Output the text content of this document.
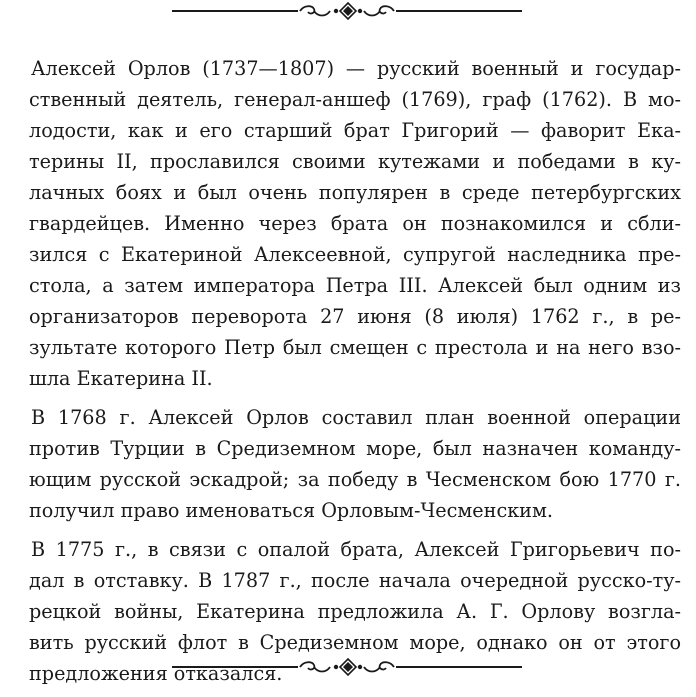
Алексей Орлов (1737—1807) — русский военный и государ-
ственный деятель, генерал-аншеф (1769), граф (1762). В мо-
лодости, как и его старший брат Григорий — фаворит Ека-
терины II, прославился своими кутежами и победами в ку-
лачных боях и был очень популярен в среде петербургских
гвардейцев. Именно через брата он познакомился и сбли-
зился с Екатериной Алексеевной, супругой наследника пре-
стола, а затем императора Петра III. Алексей был одним из
организаторов переворота 27 июня (8 июля) 1762 г., в ре-
зультате которого Петр был смещен с престола и на него взо-
шла Екатерина II.
В 1768 г. Алексей Орлов составил план военной операции
против Турции в Средиземном море, был назначен команду-
ющим русской эскадрой; за победу в Чесменском бою 1770 г.
получил право именоваться Орловым-Чесменским.
В 1775 г., в связи с опалой брата, Алексей Григорьевич по-
дал в отставку. В 1787 г., после начала очередной русско-ту-
рецкой войны, Екатерина предложила А. Г. Орлову возгла-
вить русский флот в Средиземном море, однако он от этого
предложения отказался.
